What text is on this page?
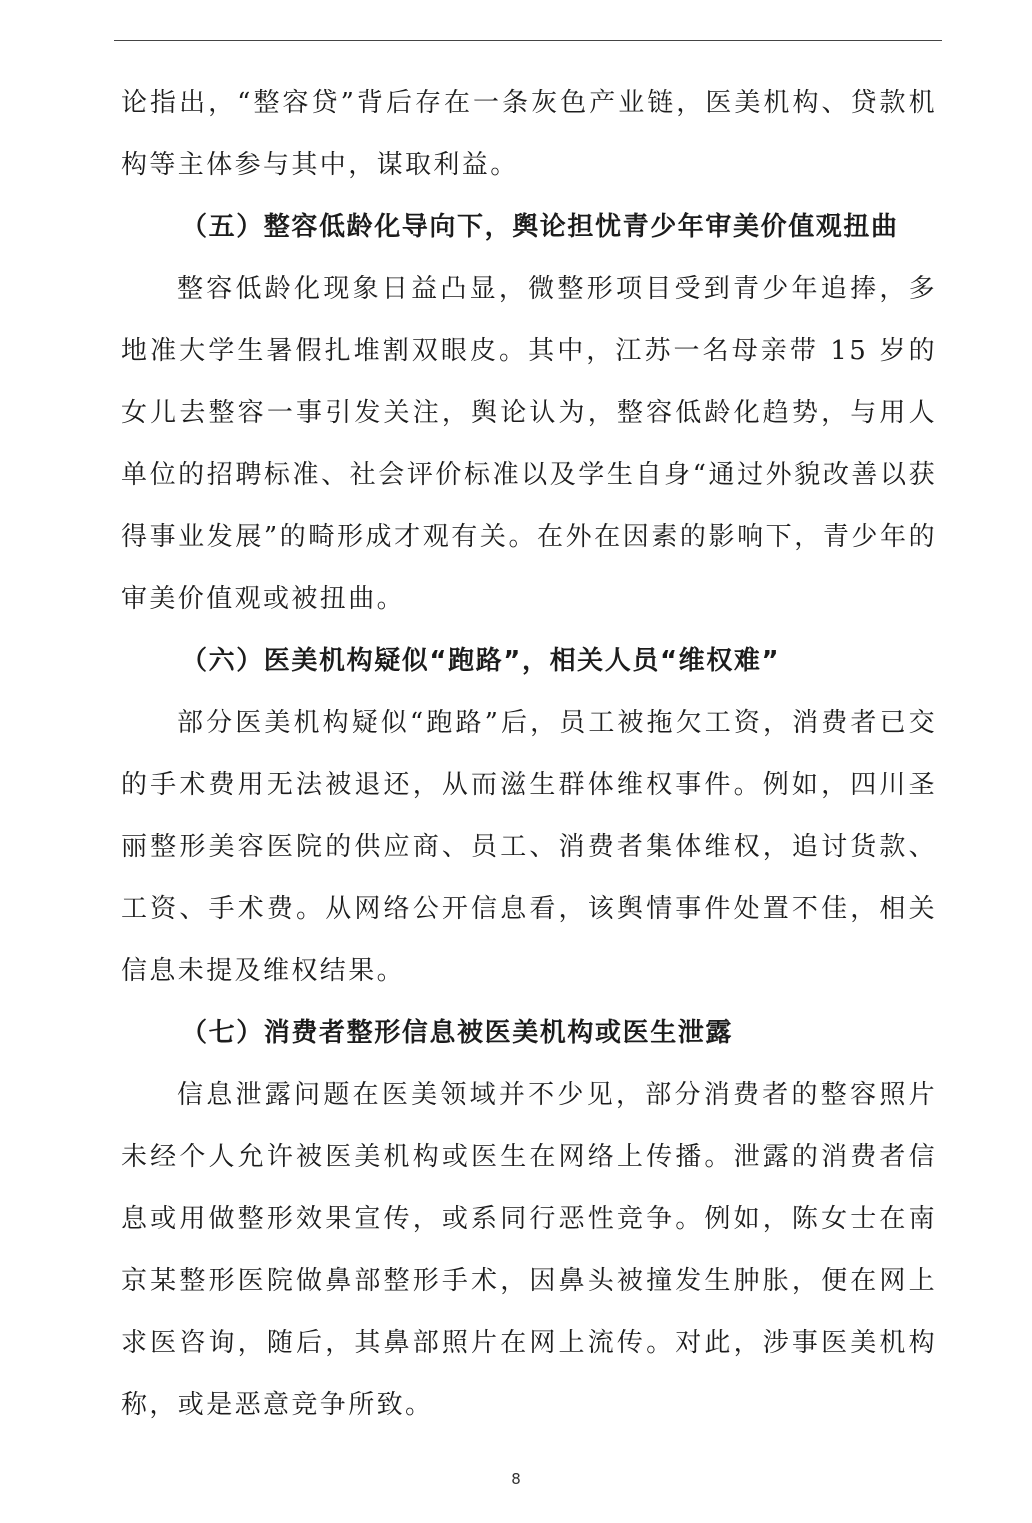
论指出，“整容贷”背后存在一条灰色产业链，医美机构、贷款机构等主体参与其中，谋取利益。

（五）整容低龄化导向下，舆论担忧青少年审美价值观扭曲

整容低龄化现象日益凸显，微整形项目受到青少年追捧，多地准大学生暑假扎堆割双眼皮。其中，江苏一名母亲带 15 岁的女儿去整容一事引发关注，舆论认为，整容低龄化趋势，与用人单位的招聘标准、社会评价标准以及学生自身“通过外貌改善以获得事业发展”的畸形成才观有关。在外在因素的影响下，青少年的审美价值观或被扭曲。

（六）医美机构疑似“跑路”，相关人员“维权难”

部分医美机构疑似“跑路”后，员工被拖欠工资，消费者已交的手术费用无法被退还，从而滋生群体维权事件。例如，四川圣丽整形美容医院的供应商、员工、消费者集体维权，追讨货款、工资、手术费。从网络公开信息看，该舆情事件处置不佳，相关信息未提及维权结果。

（七）消费者整形信息被医美机构或医生泄露

信息泄露问题在医美领域并不少见，部分消费者的整容照片未经个人允许被医美机构或医生在网络上传播。泄露的消费者信息或用做整形效果宣传，或系同行恶性竞争。例如，陈女士在南京某整形医院做鼻部整形手术，因鼻头被撞发生肿胀，便在网上求医咨询，随后，其鼻部照片在网上流传。对此，涉事医美机构称，或是恶意竞争所致。

8
